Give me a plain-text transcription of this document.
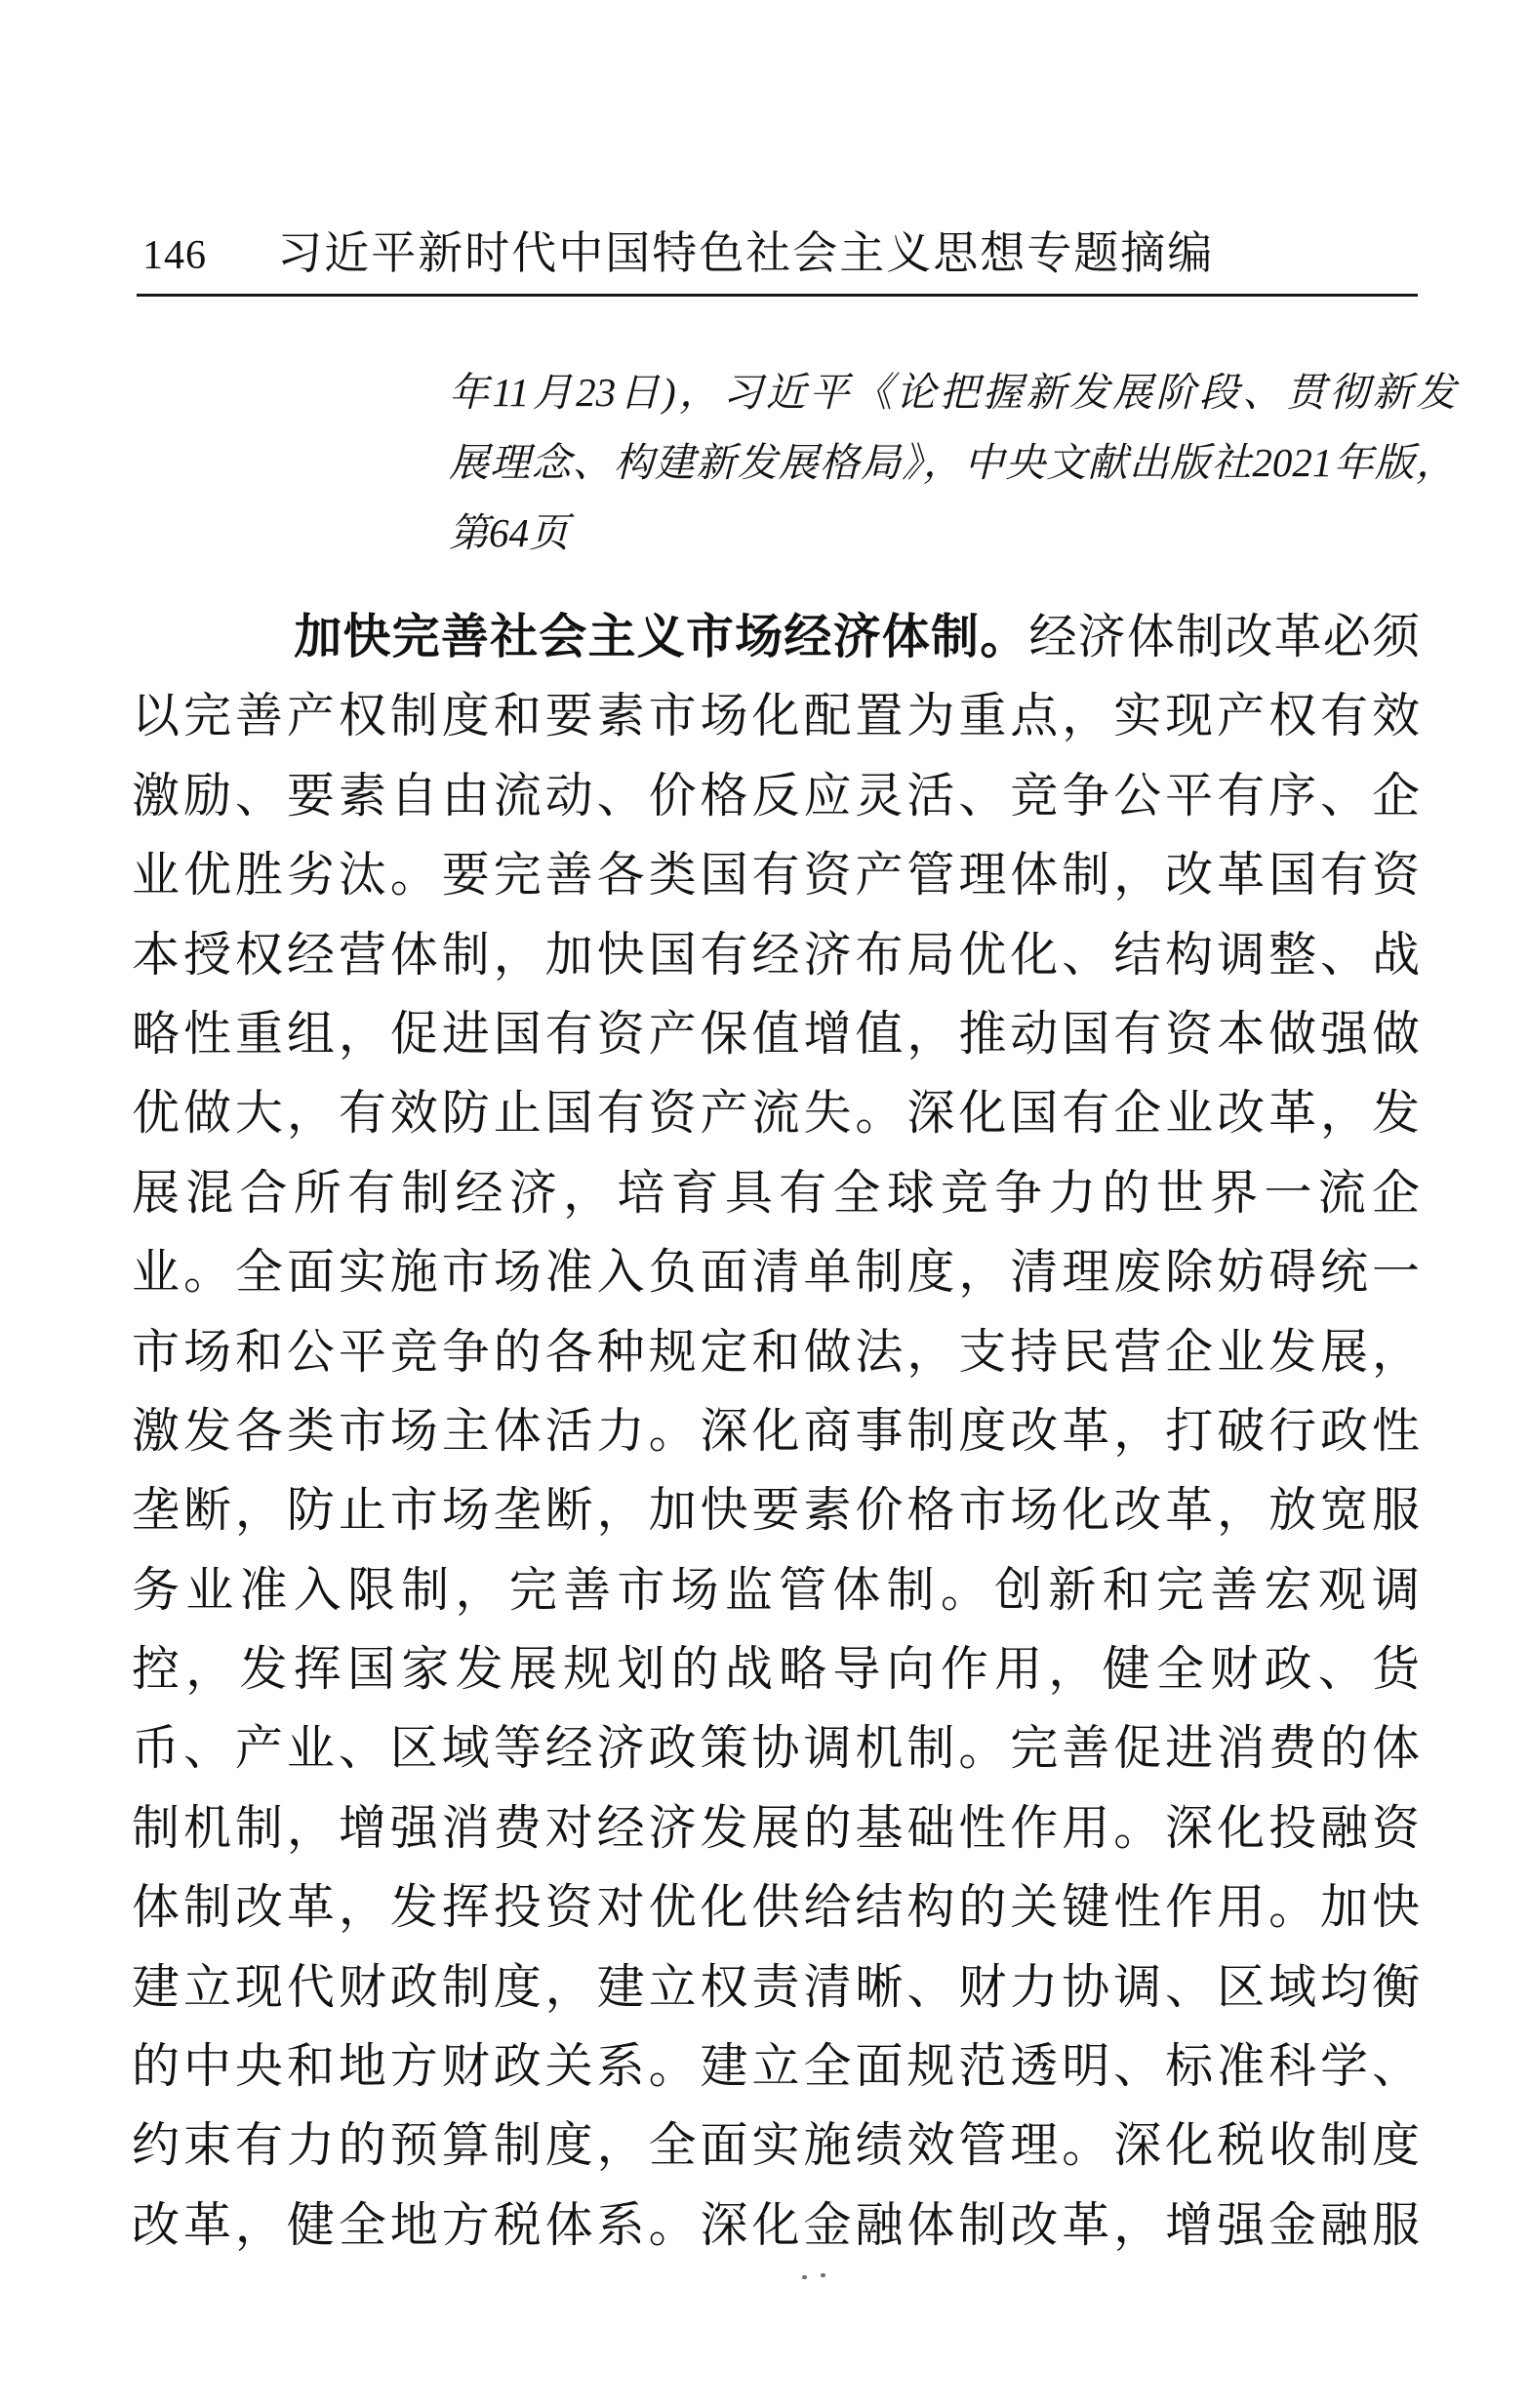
146 习近平新时代中国特色社会主义思想专题摘编
年11月23日)，习近平《论把握新发展阶段、贯彻新发
展理念、构建新发展格局》，中央文献出版社2021年版，
第64页
加快完善社会主义市场经济体制。经济体制改革必须
以完善产权制度和要素市场化配置为重点，实现产权有效
激励、要素自由流动、价格反应灵活、竞争公平有序、企
业优胜劣汰。要完善各类国有资产管理体制，改革国有资
本授权经营体制，加快国有经济布局优化、结构调整、战
略性重组，促进国有资产保值增值，推动国有资本做强做
优做大，有效防止国有资产流失。深化国有企业改革，发
展混合所有制经济，培育具有全球竞争力的世界一流企
业。全面实施市场准入负面清单制度，清理废除妨碍统一
市场和公平竞争的各种规定和做法，支持民营企业发展，
激发各类市场主体活力。深化商事制度改革，打破行政性
垄断，防止市场垄断，加快要素价格市场化改革，放宽服
务业准入限制，完善市场监管体制。创新和完善宏观调
控，发挥国家发展规划的战略导向作用，健全财政、货
币、产业、区域等经济政策协调机制。完善促进消费的体
制机制，增强消费对经济发展的基础性作用。深化投融资
体制改革，发挥投资对优化供给结构的关键性作用。加快
建立现代财政制度，建立权责清晰、财力协调、区域均衡
的中央和地方财政关系。建立全面规范透明、标准科学、
约束有力的预算制度，全面实施绩效管理。深化税收制度
改革，健全地方税体系。深化金融体制改革，增强金融服
